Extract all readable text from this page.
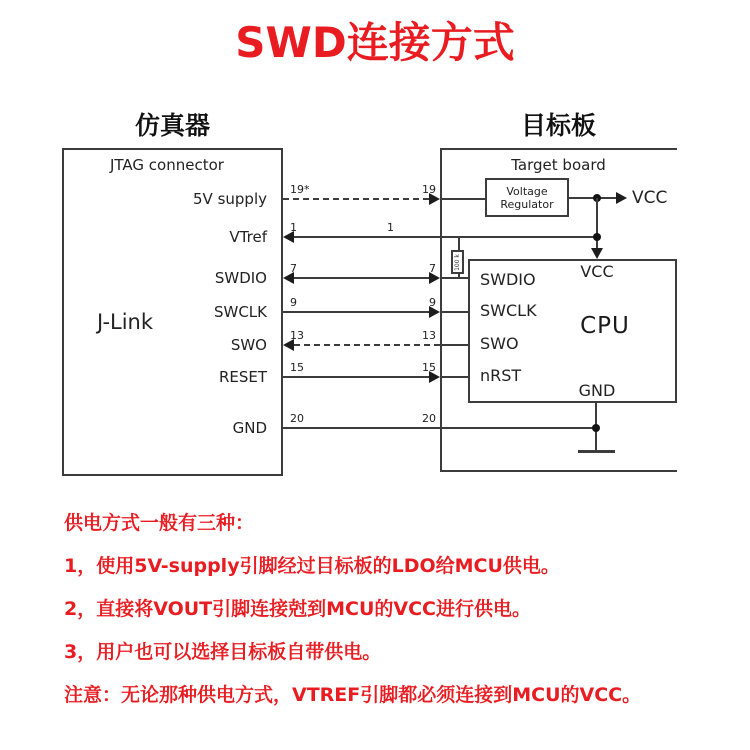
SWD连接方式
仿真器	目标板
JTAG connector
J-Link
Target board
5V supply
VTref
SWDIO
SWCLK
SWO
RESET
GND
19*	19
1	1
7	7
9	9
13	13
15	15
20	20
Voltage
Regulator	VCC
100 k	VCC
SWDIO
SWCLK
SWO
nRST
CPU
GND
供电方式一般有三种：
1，使用5V-supply引脚经过目标板的LDO给MCU供电。
2，直接将VOUT引脚连接尅到MCU的VCC进行供电。
3，用户也可以选择目标板自带供电。
注意：无论那种供电方式，VTREF引脚都必须连接到MCU的VCC。
